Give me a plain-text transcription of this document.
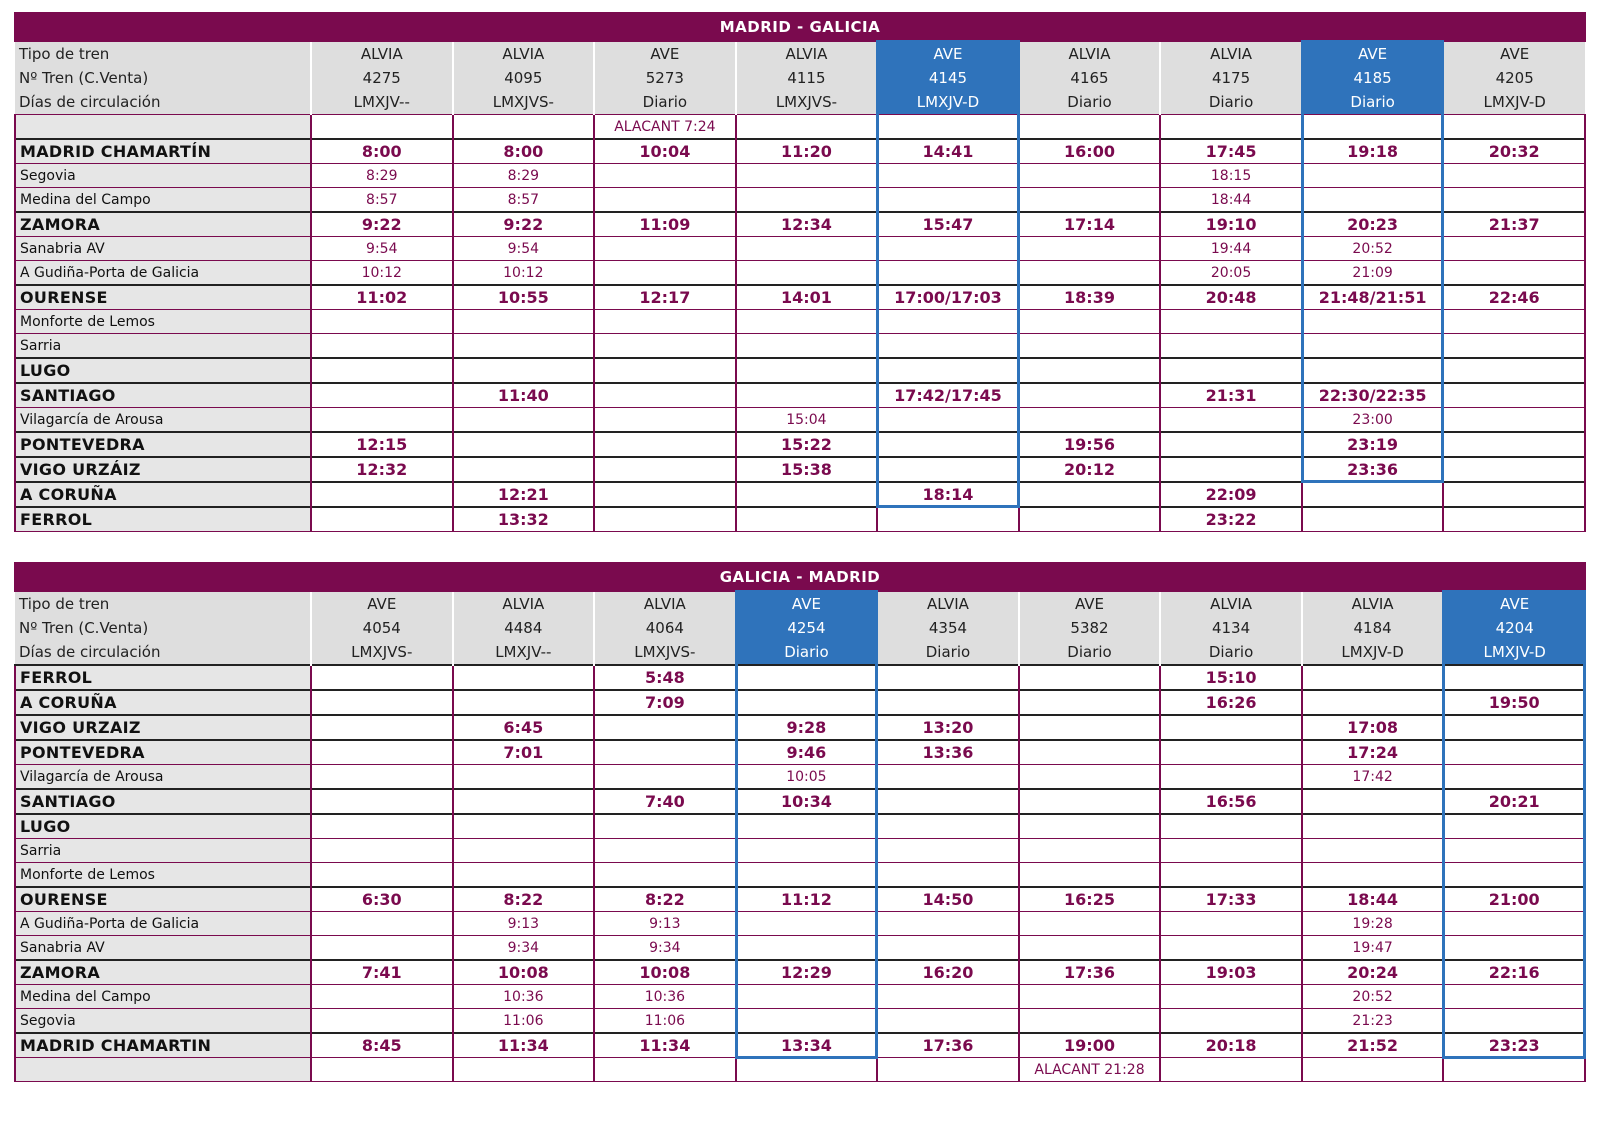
MADRID - GALICIA									
Tipo de tren	ALVIA	ALVIA	AVE	ALVIA	AVE	ALVIA	ALVIA	AVE	AVE
Nº Tren (C.Venta)	4275	4095	5273	4115	4145	4165	4175	4185	4205
Días de circulación	LMXJV--	LMXJVS-	Diario	LMXJVS-	LMXJV-D	Diario	Diario	Diario	LMXJV-D
			ALACANT 7:24						
MADRID CHAMARTÍN	8:00	8:00	10:04	11:20	14:41	16:00	17:45	19:18	20:32
Segovia	8:29	8:29					18:15		
Medina del Campo	8:57	8:57					18:44		
ZAMORA	9:22	9:22	11:09	12:34	15:47	17:14	19:10	20:23	21:37
Sanabria AV	9:54	9:54					19:44	20:52	
A Gudiña-Porta de Galicia	10:12	10:12					20:05	21:09	
OURENSE	11:02	10:55	12:17	14:01	17:00/17:03	18:39	20:48	21:48/21:51	22:46
Monforte de Lemos									
Sarria									
LUGO									
SANTIAGO		11:40			17:42/17:45		21:31	22:30/22:35	
Vilagarcía de Arousa				15:04				23:00	
PONTEVEDRA	12:15			15:22		19:56		23:19	
VIGO URZÁIZ	12:32			15:38		20:12		23:36	
A CORUÑA		12:21			18:14		22:09		
FERROL		13:32					23:22		
GALICIA - MADRID									
Tipo de tren	AVE	ALVIA	ALVIA	AVE	ALVIA	AVE	ALVIA	ALVIA	AVE
Nº Tren (C.Venta)	4054	4484	4064	4254	4354	5382	4134	4184	4204
Días de circulación	LMXJVS-	LMXJV--	LMXJVS-	Diario	Diario	Diario	Diario	LMXJV-D	LMXJV-D
FERROL			5:48				15:10		
A CORUÑA			7:09				16:26		19:50
VIGO URZAIZ		6:45		9:28	13:20			17:08	
PONTEVEDRA		7:01		9:46	13:36			17:24	
Vilagarcía de Arousa				10:05				17:42	
SANTIAGO			7:40	10:34			16:56		20:21
LUGO									
Sarria									
Monforte de Lemos									
OURENSE	6:30	8:22	8:22	11:12	14:50	16:25	17:33	18:44	21:00
A Gudiña-Porta de Galicia		9:13	9:13					19:28	
Sanabria AV		9:34	9:34					19:47	
ZAMORA	7:41	10:08	10:08	12:29	16:20	17:36	19:03	20:24	22:16
Medina del Campo		10:36	10:36					20:52	
Segovia		11:06	11:06					21:23	
MADRID CHAMARTIN	8:45	11:34	11:34	13:34	17:36	19:00	20:18	21:52	23:23
						ALACANT 21:28			
